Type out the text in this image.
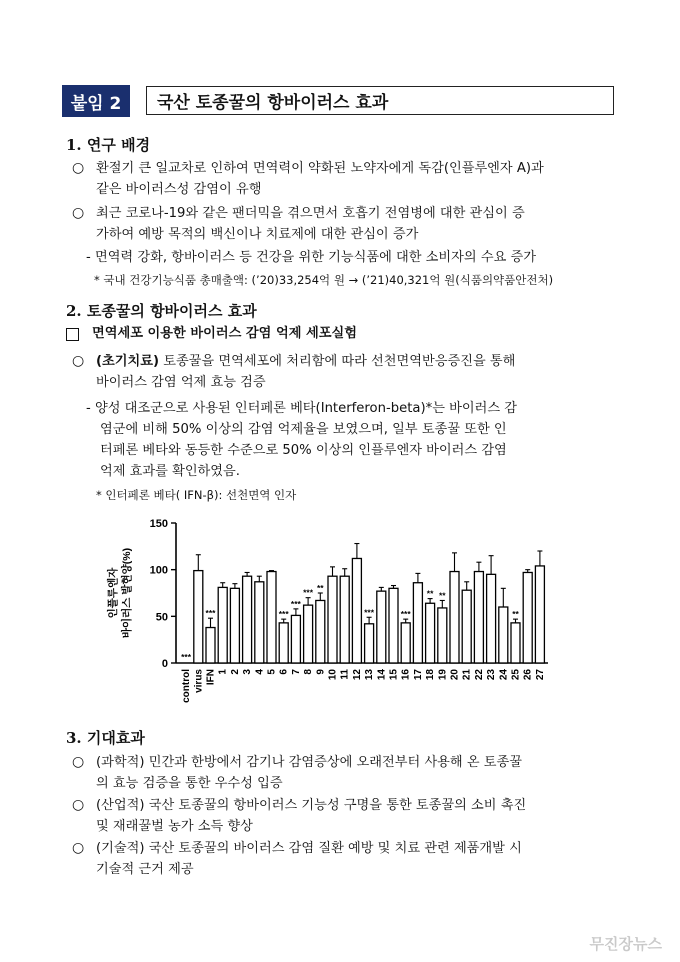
붙임 2	국산 토종꿀의 항바이러스 효과
1. 연구 배경
○ 환절기 큰 일교차로 인하여 면역력이 약화된 노약자에게 독감(인플루엔자 A)과
같은 바이러스성 감염이 유행
○ 최근 코로나-19와 같은 팬더믹을 겪으면서 호흡기 전염병에 대한 관심이 증
가하여 예방 목적의 백신이나 치료제에 대한 관심이 증가
- 면역력 강화, 항바이러스 등 건강을 위한 기능식품에 대한 소비자의 수요 증가
* 국내 건강기능식품 총매출액: (’20)33,254억 원 → (’21)40,321억 원(식품의약품안전처)
2. 토종꿀의 항바이러스 효과
면역세포 이용한 바이러스 감염 억제 세포실험
○ (초기치료) 토종꿀을 면역세포에 처리함에 따라 선천면역반응증진을 통해
바이러스 감염 억제 효능 검증
- 양성 대조군으로 사용된 인터페론 베타(Interferon-beta)*는 바이러스 감
염군에 비해 50% 이상의 감염 억제율을 보였으며, 일부 토종꿀 또한 인
터페론 베타와 동등한 수준으로 50% 이상의 인플루엔자 바이러스 감염
억제 효과를 확인하였음.
* 인터페론 베타( IFN-β): 선천면역 인자
인플루엔자 바이러스 발현양(%)
0
50
100
150
***
control virus
***
IFN 1 2 3 4 5
***
6
***
7
***
8
**
9 10 11 12
***
13 14 15
***
16 17
**
18
**
19 20 21 22 23 24
**
25 26 27
3. 기대효과
○ (과학적) 민간과 한방에서 감기나 감염증상에 오래전부터 사용해 온 토종꿀
의 효능 검증을 통한 우수성 입증
○ (산업적) 국산 토종꿀의 항바이러스 기능성 구명을 통한 토종꿀의 소비 촉진
및 재래꿀벌 농가 소득 향상
○ (기술적) 국산 토종꿀의 바이러스 감염 질환 예방 및 치료 관련 제품개발 시
기술적 근거 제공
무진장뉴스
